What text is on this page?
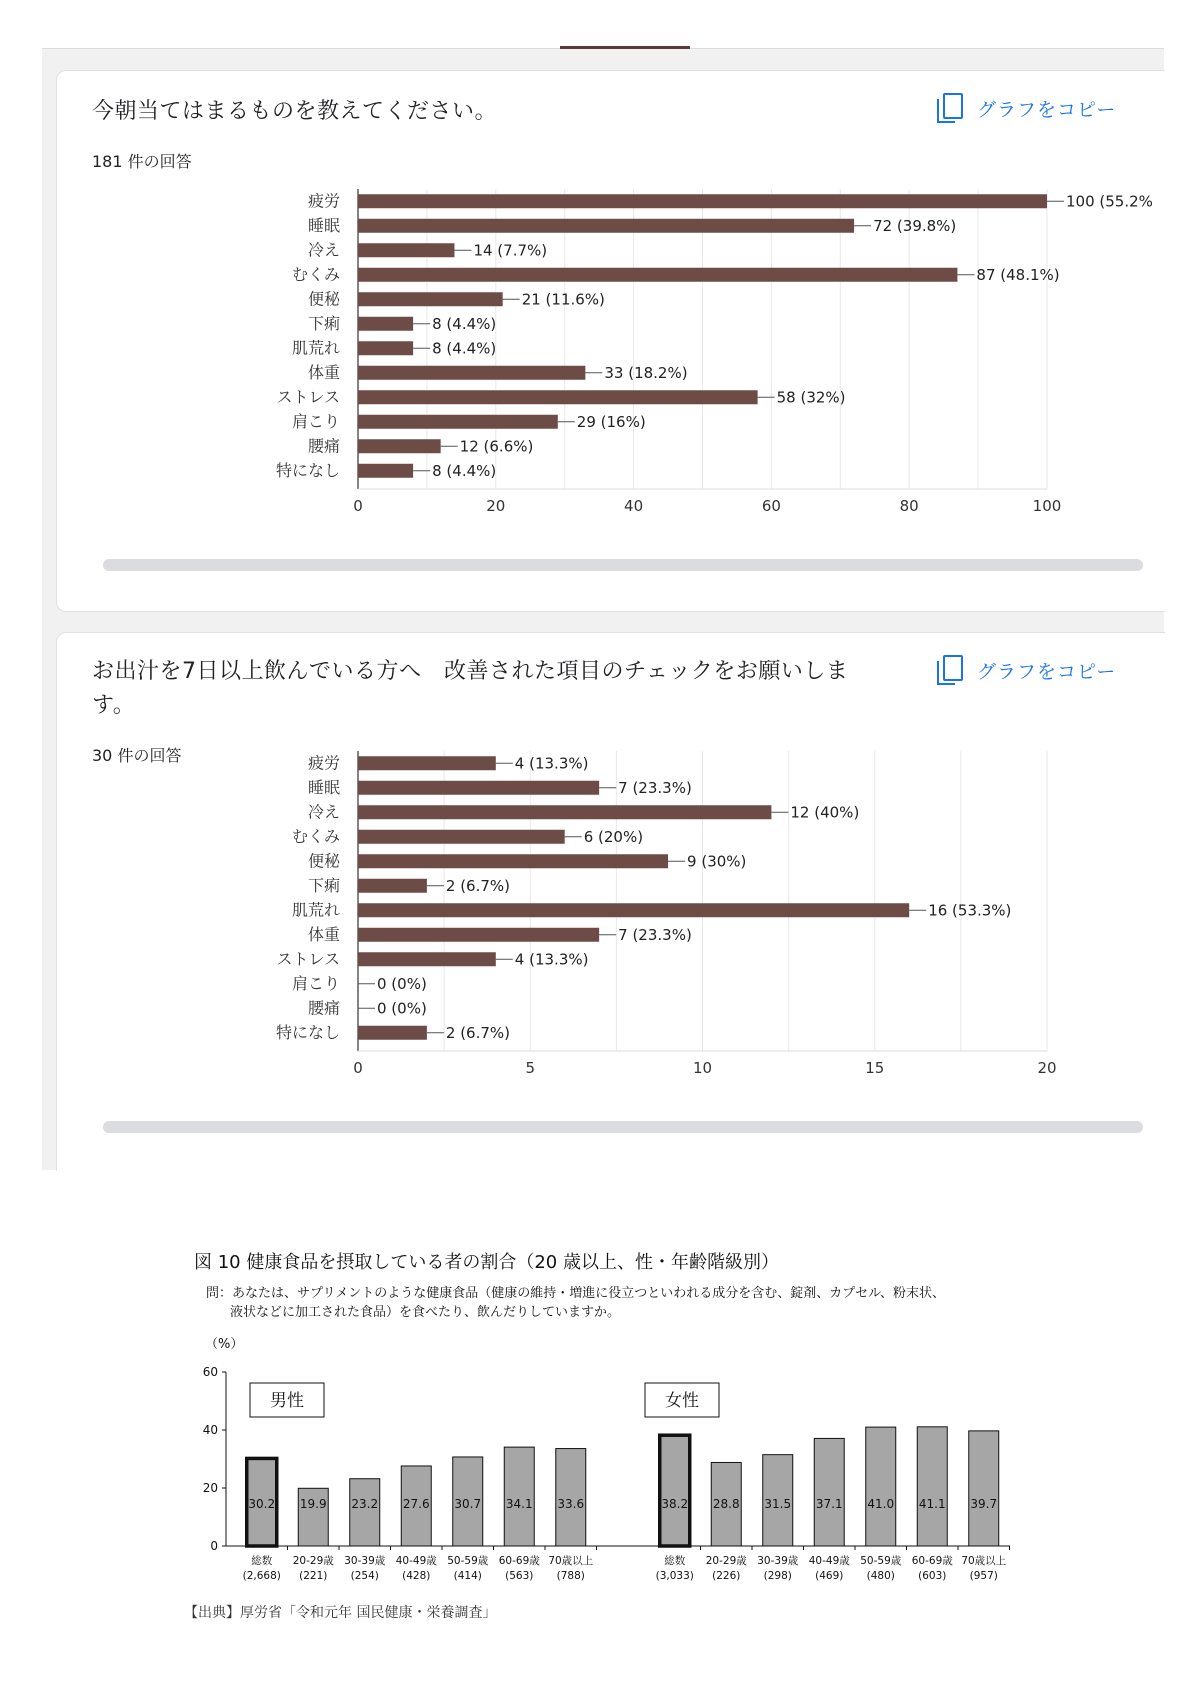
今朝当てはまるものを教えてください。
181 件の回答
グラフをコピー
0	20	40	60	80	100
疲労	100 (55.2%
睡眠	72 (39.8%)
冷え	14 (7.7%)
むくみ	87 (48.1%)
便秘	21 (11.6%)
下痢	8 (4.4%)
肌荒れ	8 (4.4%)
体重	33 (18.2%)
ストレス	58 (32%)
肩こり	29 (16%)
腰痛	12 (6.6%)
特になし	8 (4.4%)
お出汁を7日以上飲んでいる方へ　改善された項目のチェックをお願いしま
す。
30 件の回答
グラフをコピー
0	5	10	15	20
疲労	4 (13.3%)
睡眠	7 (23.3%)
冷え	12 (40%)
むくみ	6 (20%)
便秘	9 (30%)
下痢	2 (6.7%)
肌荒れ	16 (53.3%)
体重	7 (23.3%)
ストレス	4 (13.3%)
肩こり 0 (0%)
腰痛 0 (0%)
特になし	2 (6.7%)
図 10 健康食品を摂取している者の割合（20 歳以上、性・年齢階級別）
問：あなたは、サプリメントのような健康食品（健康の維持・増進に役立つといわれる成分を含む、錠剤、カプセル、粉末状、
液状などに加工された食品）を食べたり、飲んだりしていますか。
（%）
0
20
40
60
男性
30.2
総数
(2,668)
19.9
20-29歳
(221)
23.2
30-39歳
(254)
27.6
40-49歳
(428)
30.7
50-59歳
(414)
34.1
60-69歳
(563)
33.6
70歳以上
(788)
女性
38.2
総数
(3,033)
28.8
20-29歳
(226)
31.5
30-39歳
(298)
37.1
40-49歳
(469)
41.0
50-59歳
(480)
41.1
60-69歳
(603)
39.7
70歳以上
(957)
【出典】厚労省「令和元年 国民健康・栄養調査」
